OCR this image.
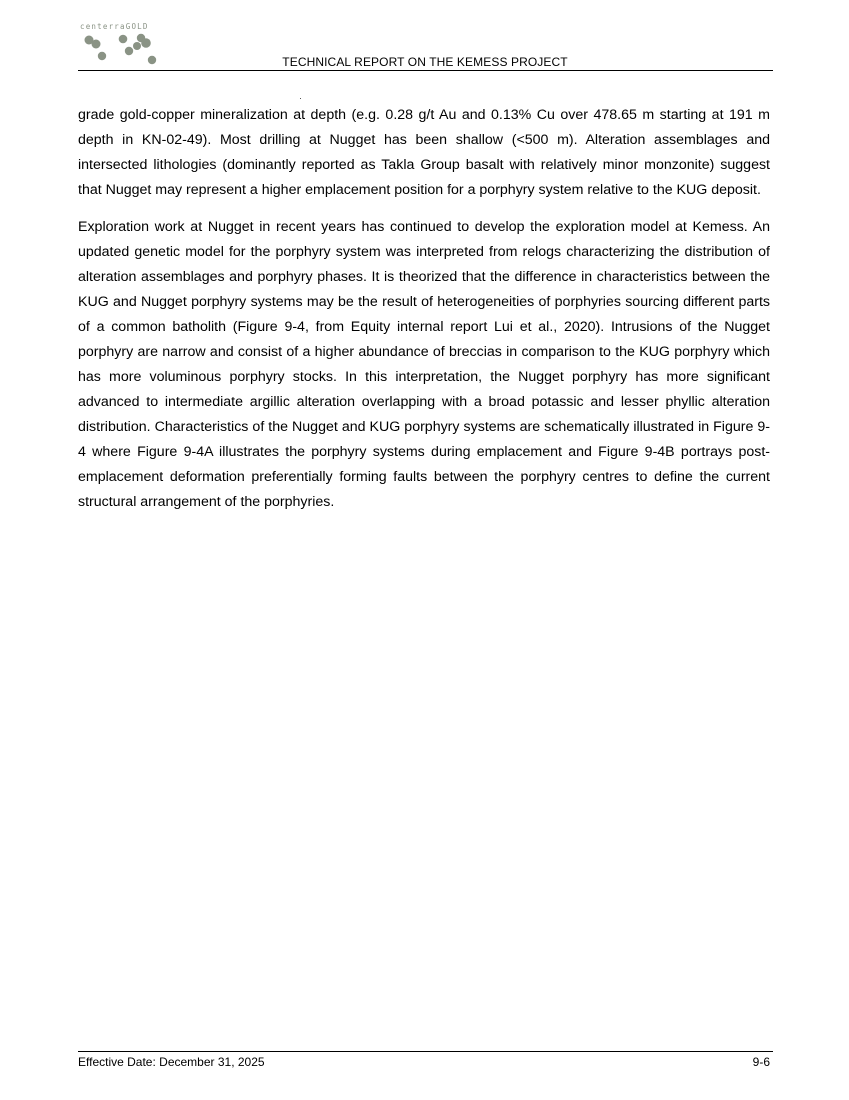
centerraGOLD
TECHNICAL REPORT ON THE KEMESS PROJECT

grade gold-copper mineralization at depth (e.g. 0.28 g/t Au and 0.13% Cu over 478.65 m starting at 191 m depth in KN-02-49). Most drilling at Nugget has been shallow (<500 m). Alteration assemblages and intersected lithologies (dominantly reported as Takla Group basalt with relatively minor monzonite) suggest that Nugget may represent a higher emplacement position for a porphyry system relative to the KUG deposit.

Exploration work at Nugget in recent years has continued to develop the exploration model at Kemess. An updated genetic model for the porphyry system was interpreted from relogs characterizing the distribution of alteration assemblages and porphyry phases. It is theorized that the difference in characteristics between the KUG and Nugget porphyry systems may be the result of heterogeneities of porphyries sourcing different parts of a common batholith (Figure 9-4, from Equity internal report Lui et al., 2020). Intrusions of the Nugget porphyry are narrow and consist of a higher abundance of breccias in comparison to the KUG porphyry which has more voluminous porphyry stocks. In this interpretation, the Nugget porphyry has more significant advanced to intermediate argillic alteration overlapping with a broad potassic and lesser phyllic alteration distribution. Characteristics of the Nugget and KUG porphyry systems are schematically illustrated in Figure 9-4 where Figure 9-4A illustrates the porphyry systems during emplacement and Figure 9-4B portrays post-emplacement deformation preferentially forming faults between the porphyry centres to define the current structural arrangement of the porphyries.

Effective Date: December 31, 2025	9-6
